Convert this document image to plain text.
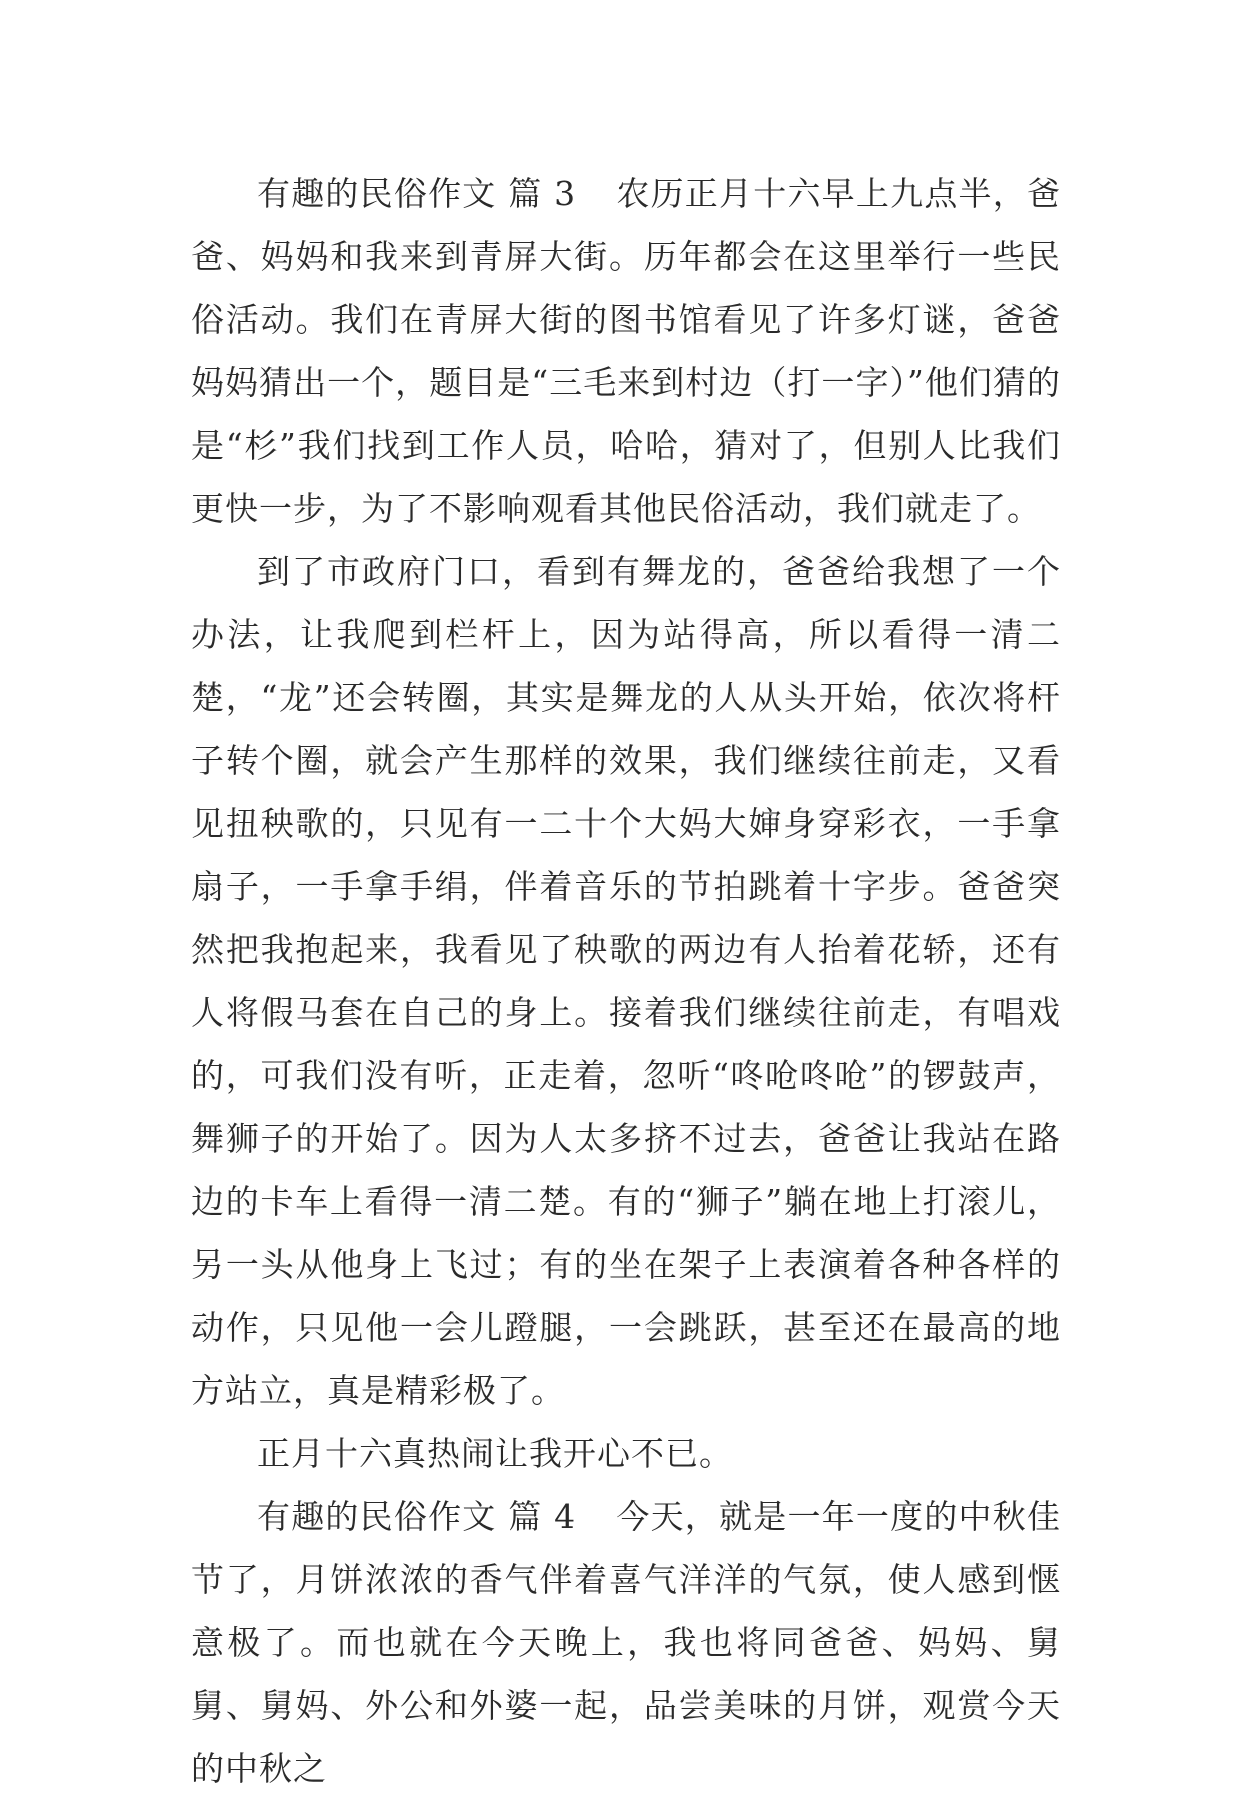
有趣的民俗作文 篇 3 农历正月十六早上九点半，爸爸、妈妈和我来到青屏大街。历年都会在这里举行一些民俗活动。我们在青屏大街的图书馆看见了许多灯谜，爸爸妈妈猜出一个，题目是“三毛来到村边（打一字）”他们猜的是“杉”我们找到工作人员，哈哈，猜对了，但别人比我们更快一步，为了不影响观看其他民俗活动，我们就走了。

到了市政府门口，看到有舞龙的，爸爸给我想了一个办法，让我爬到栏杆上，因为站得高，所以看得一清二楚，“龙”还会转圈，其实是舞龙的人从头开始，依次将杆子转个圈，就会产生那样的效果，我们继续往前走，又看见扭秧歌的，只见有一二十个大妈大婶身穿彩衣，一手拿扇子，一手拿手绢，伴着音乐的节拍跳着十字步。爸爸突然把我抱起来，我看见了秧歌的两边有人抬着花轿，还有人将假马套在自己的身上。接着我们继续往前走，有唱戏的，可我们没有听，正走着，忽听“咚呛咚呛”的锣鼓声，舞狮子的开始了。因为人太多挤不过去，爸爸让我站在路边的卡车上看得一清二楚。有的“狮子”躺在地上打滚儿，另一头从他身上飞过；有的坐在架子上表演着各种各样的动作，只见他一会儿蹬腿，一会跳跃，甚至还在最高的地方站立，真是精彩极了。

正月十六真热闹让我开心不已。

有趣的民俗作文 篇 4 今天，就是一年一度的中秋佳节了，月饼浓浓的香气伴着喜气洋洋的气氛，使人感到惬意极了。而也就在今天晚上，我也将同爸爸、妈妈、舅舅、舅妈、外公和外婆一起，品尝美味的月饼，观赏今天的中秋之
